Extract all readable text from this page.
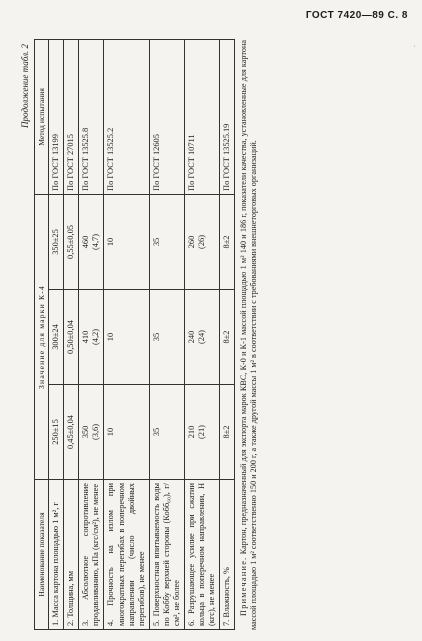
ГОСТ 7420—89 С. 8
Продолжение табл. 2
Наименование показателя	Значение для марки К-4			Метод испытания
1. Масса картона площадью 1 м², г	250±15	300±24	350±25	По ГОСТ 13199
2. Толщина, мм	0,45±0,04	0,50±0,04	0,55±0,05	По ГОСТ 27015
3. Абсолютное сопротивление продавливанию, кПа (кгс/см²), не менее	350 (3,6)	410 (4,2)	460 (4,7)	По ГОСТ 13525.8
4. Прочность на излом при многократных перегибах в поперечном направлении (число двойных перегибов), не менее	10	10	10	По ГОСТ 13525.2
5. Поверхностная впитываемость воды по Коббу верхней стороны (Кобб₆₀), г/см², не более	35	35	35	По ГОСТ 12605
6. Разрушающее усилие при сжатии кольца в поперечном направлении, Н (кгс), не менее	210 (21)	240 (24)	260 (26)	По ГОСТ 10711
7. Влажность, %	8±2	8±2	8±2	По ГОСТ 13525.19
Примечание. Картон, предназначенный для экспорта марок КВС, К-0 и К-1 массой площадью 1 м² 140 и 186 г, показатели качества, установленные для картона массой площадью 1 м² соответственно 150 и 200 г, а также другой массы 1 м² в соответствии с требованиями внешнеторговых организаций.
˙
